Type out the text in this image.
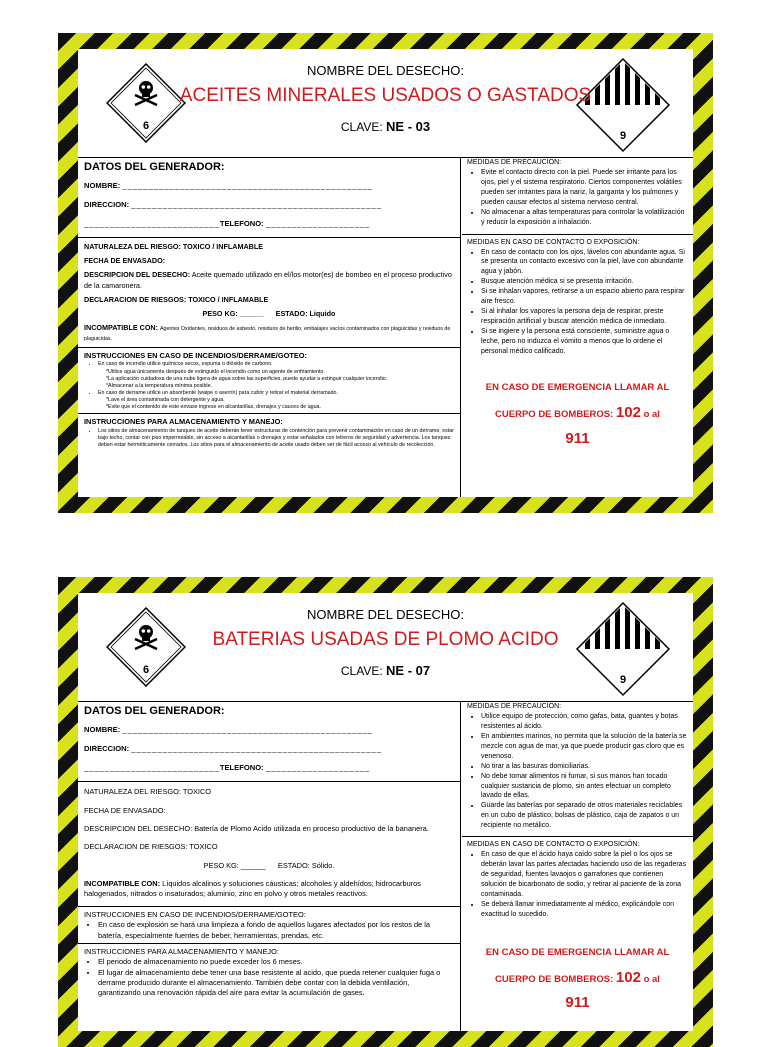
6
9
NOMBRE DEL DESECHO:
ACEITES MINERALES USADOS O GASTADOS
CLAVE: NE - 03
DATOS DEL GENERADOR:
NOMBRE: ________________________________________________
DIRECCION: ________________________________________________
__________________________TELEFONO: ____________________
NATURALEZA DEL RIESGO: TOXICO / INFLAMABLE
FECHA DE ENVASADO:
DESCRIPCION DEL DESECHO: Aceite quemado utilizado en el/los motor(es) de bombeo en el proceso productivo de la camaronera.
DECLARACION DE RIESGOS: TOXICO / INFLAMABLE
PESO KG: ______ ESTADO: Liquido
INCOMPATIBLE CON: Agentes Oxidantes, residuos de asbesto, residuos de berilio, embalajes vacíos contaminados con plaguicidas y residuos de plaguicidas.
INSTRUCCIONES EN CASO DE INCENDIOS/DERRAME/GOTEO:
• En caso de incendio utilice químicos secos, espuma o dióxido de carbono.
*Utilice agua únicamente después de extinguido el incendio como un agente de enfriamiento.
*La aplicación cuidadosa de una nube ligera de agua sobre las superficies, puede ayudar a extinguir cualquier incendio.
*Almacenar a la temperatura mínima posible.
• En caso de derrame utilice un absorbente (waipe o aserrín) para cubrir y retirar el material derramado.
*Lave el área contaminada con detergente y agua.
*Evite que el contenido de este envase ingrese en alcantarillas, drenajes y cauces de agua.
INSTRUCCIONES PARA ALMACENAMIENTO Y MANEJO:
• Los sitios de almacenamiento de tanques de aceite deberán tener estructuras de contención para prevenir contaminación en caso de un derrame, estar bajo techo, contar con piso impermeable, sin acceso a alcantarillas o drenajes y estar señalados con letreros de seguridad y advertencia. Los tanques deben estar herméticamente cerrados. Los sitios para el almacenamiento de aceite usado deben ser de fácil acceso al vehículo de recolección.
MEDIDAS DE PRECAUCIÓN:
• Evite el contacto directo con la piel. Puede ser irritante para los ojos, piel y el sistema respiratorio. Ciertos componentes volátiles pueden ser irritantes para la nariz, la garganta y los pulmones y pueden causar efectos al sistema nervioso central.
• No almacenar a altas temperaturas para controlar la volatilización y reducir la exposición a inhalación.
MEDIDAS EN CASO DE CONTACTO O EXPOSICIÓN:
• En caso de contacto con los ojos, lávelos con abundante agua. Si se presenta un contacto excesivo con la piel, lave con abundante agua y jabón.
• Busque atención médica si se presenta irritación.
• Si se inhalan vapores, retírarse a un espacio abierto para respirar aire fresco.
• Si al inhalar los vapores la persona deja de respirar, preste respiración artificial y buscar atención médica de inmediato.
• Si se ingiere y la persona está consciente, suministre agua o leche, pero no induzca el vómito a menos que lo ordene el personal médico calificado.
EN CASO DE EMERGENCIA LLAMAR AL
CUERPO DE BOMBEROS: 102 o al
911
6
9
NOMBRE DEL DESECHO:
BATERIAS USADAS DE PLOMO ACIDO
CLAVE: NE - 07
DATOS DEL GENERADOR:
NOMBRE: ________________________________________________
DIRECCION: ________________________________________________
__________________________TELEFONO: ____________________
NATURALEZA DEL RIESGO: TOXICO
FECHA DE ENVASADO:
DESCRIPCION DEL DESECHO: Batería de Plomo Acido utilizada en proceso productivo de la bananera.
DECLARACION DE RIESGOS: TOXICO
PESO KG: ______ ESTADO: Sólido.
INCOMPATIBLE CON: Líquidos alcalinos y soluciones cáusticas; alcoholes y aldehídos; hidrocarburos halogenados, nitrados o insaturados; aluminio, zinc en polvo y otros metales reactivos.
INSTRUCCIONES EN CASO DE INCENDIOS/DERRAME/GOTEO:
• En caso de explosión se hará una limpieza a fondo de aquellos lugares afectados por los restos de la batería, especialmente fuentes de beber, herramientas, prendas, etc.
INSTRUCCIONES PARA ALMACENAMIENTO Y MANEJO:
• El periodo de almacenamiento no puede exceder los 6 meses.
• El lugar de almacenamiento debe tener una base resistente al acido, que pueda retener cualquier fuga o derrame producido durante el almacenamiento. También debe contar con la debida ventilación, garantizando una renovación rápida del aire para evitar la acumulación de gases.
MEDIDAS DE PRECAUCIÓN:
• Utilice equipo de protección, como gafas, bata, guantes y botas resistentes al ácido.
• En ambientes marinos, no permita que la solución de la batería se mezcle con agua de mar, ya que puede producir gas cloro que es venenoso.
• No tirar a las basuras domiciliarias.
• No debe tomar alimentos ni fumar, si sus manos han tocado cualquier sustancia de plomo, sin antes efectuar un completo lavado de ellas.
• Guarde las baterías por separado de otros materiales reciclables en un cubo de plástico, bolsas de plástico, caja de zapatos o un recipiente no metálico.
MEDIDAS EN CASO DE CONTACTO O EXPOSICIÓN:
• En caso de que el ácido haya caído sobre la piel o los ojos se deberán lavar las partes afectadas haciendo uso de las regaderas de seguridad, fuentes lavaojos o garrafones que contienen solución de bicarbonato de sodio, y retirar al paciente de la zona contaminada.
• Se deberá llamar inmediatamente al médico, explicándole con exactitud lo sucedido.
EN CASO DE EMERGENCIA LLAMAR AL
CUERPO DE BOMBEROS: 102 o al
911
